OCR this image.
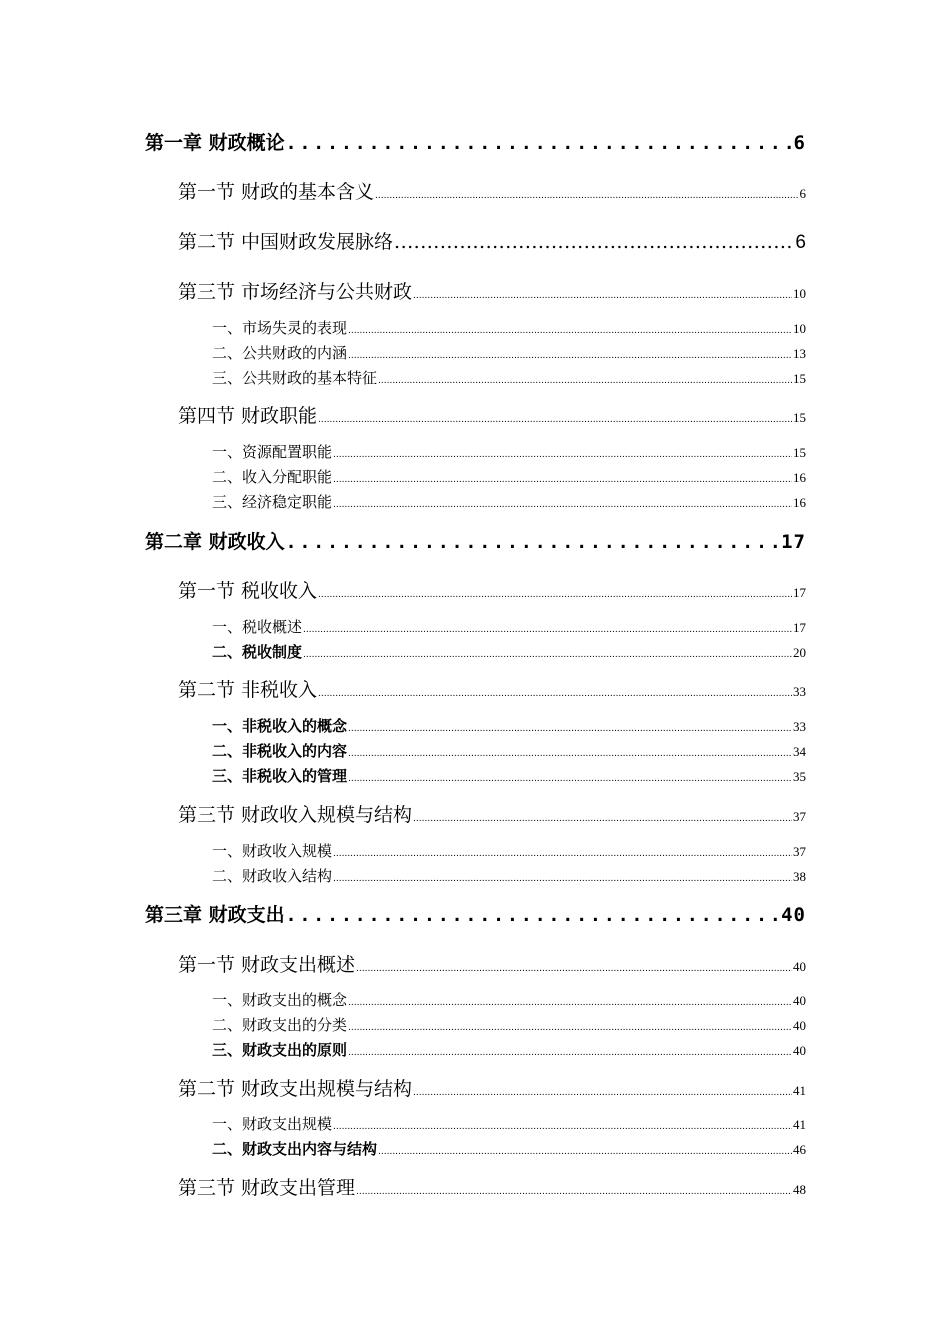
第一章 财政概论 .....	6
第一节 财政的基本含义 .....	6
第二节 中国财政发展脉络 .....	6
第三节 市场经济与公共财政 .....	10
一、市场失灵的表现 .....	10
二、公共财政的内涵 .....	13
三、公共财政的基本特征 .....	15
第四节 财政职能 .....	15
一、资源配置职能 .....	15
二、收入分配职能 .....	16
三、经济稳定职能 .....	16
第二章 财政收入 .....	17
第一节 税收收入 .....	17
一、税收概述 .....	17
二、税收制度 .....	20
第二节 非税收入 .....	33
一、非税收入的概念 .....	33
二、非税收入的内容 .....	34
三、非税收入的管理 .....	35
第三节 财政收入规模与结构 .....	37
一、财政收入规模 .....	37
二、财政收入结构 .....	38
第三章 财政支出 .....	40
第一节 财政支出概述 .....	40
一、财政支出的概念 .....	40
二、财政支出的分类 .....	40
三、财政支出的原则 .....	40
第二节 财政支出规模与结构 .....	41
一、财政支出规模 .....	41
二、财政支出内容与结构 .....	46
第三节 财政支出管理 .....	48
